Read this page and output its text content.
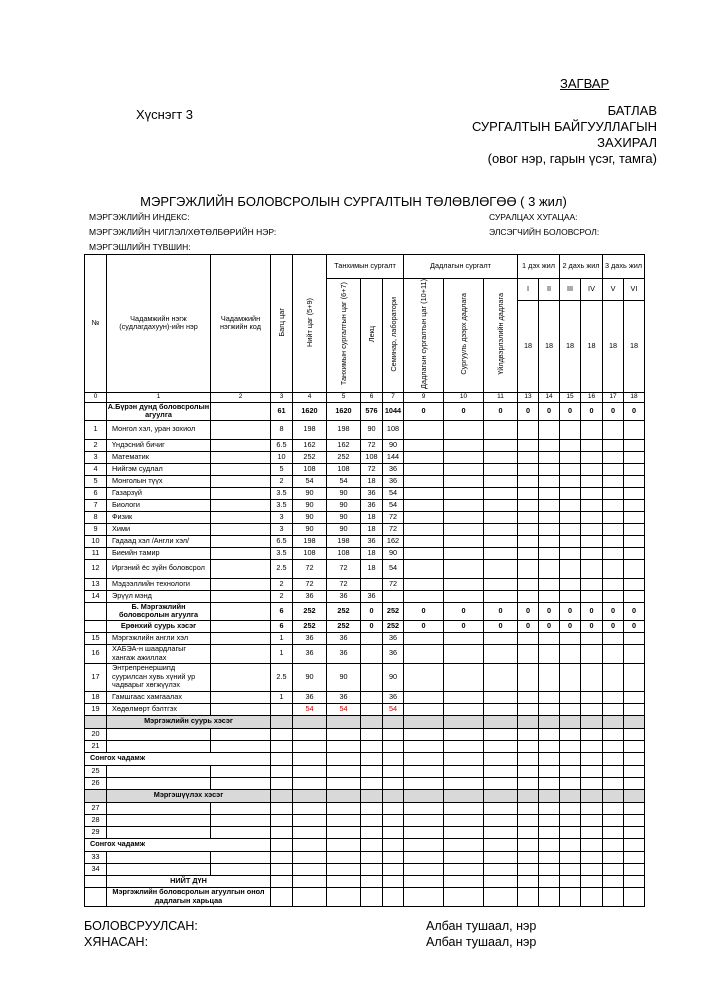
ЗАГВАР
Хүснэгт 3	БАТЛАВ
СУРГАЛТЫН БАЙГУУЛЛАГЫН
ЗАХИРАЛ
(овог нэр, гарын үсэг, тамга)
МЭРГЭЖЛИЙН БОЛОВСРОЛЫН СУРГАЛТЫН ТӨЛӨВЛӨГӨӨ ( 3 жил)
МЭРГЭЖЛИЙН ИНДЕКС:
МЭРГЭЖЛИЙН ЧИГЛЭЛ/ХӨТӨЛБӨРИЙН НЭР:
МЭРГЭШЛИЙН ТҮВШИН:
СУРАЛЦАХ ХУГАЦАА:
ЭЛСЭГЧИЙН БОЛОВСРОЛ:
№	Чадамжийн нэгж (судлагдахуун)-ийн нэр	Чадамжийн нэгжийн код	Багц цаг	Нийт цаг (5+9)	Танхимын сургалт			Дадлагын сургалт			1 дэх жил		2 дахь жил		3 дахь жил	
					Танхимын сургалтын цаг (6+7)	Лекц	Семинар, лаборатори	Дадлагын сургалтын цаг (10+11)	Сургууль дээрх дадлага	Үйлдвэрлэлийн дадлага	I	II	III	IV	V	VI
											18	18	18	18	18	18
0	1	2	3	4	5	6	7	9	10	11	13	14	15	16	17	18
	А.Бүрэн дунд боловсролын агуулга		61	1620	1620	576	1044	0	0	0	0	0	0	0	0	0
1	Монгол хэл, уран зохиол		8	198	198	90	108									
2	Үндэсний бичиг		6.5	162	162	72	90									
3	Математик		10	252	252	108	144									
4	Нийгэм судлал		5	108	108	72	36									
5	Монголын түүх		2	54	54	18	36									
6	Газарзүй		3.5	90	90	36	54									
7	Биологи		3.5	90	90	36	54									
8	Физик		3	90	90	18	72									
9	Хими		3	90	90	18	72									
10	Гадаад хэл /Англи хэл/		6.5	198	198	36	162									
11	Биеийн тамир		3.5	108	108	18	90									
12	Иргэний ёс зүйн боловсрол		2.5	72	72	18	54									
13	Мэдээллийн технологи		2	72	72		72									
14	Эрүүл мэнд		2	36	36	36										
	Б. Мэргэжлийн боловсролын агуулга		6	252	252	0	252	0	0	0	0	0	0	0	0	0
	Ерөнхий суурь хэсэг		6	252	252	0	252	0	0	0	0	0	0	0	0	0
15	Мэргэжлийн англи хэл		1	36	36		36									
16	ХАБЭА-н шаардлагыг хангаж ажиллах		1	36	36		36									
17	Энтрепренершипд суурилсан хувь хүний ур чадварыг хөгжүүлэх		2.5	90	90		90									
18	Гамшгаас хамгаалах		1	36	36		36									
19	Хөдөлмөрт бэлтгэх			54	54		54									
	Мэргэжлийн суурь хэсэг															
20																
21																
Сонгох чадамж																
25																
26																
	Мэргэшүүлэх хэсэг															
27																
28																
29																
Сонгох чадамж																
33																
34																
	НИЙТ ДҮН															
	Мэргэжлийн боловсролын агуулгын онол дадлагын харьцаа															
БОЛОВСРУУЛСАН:
ХЯНАСАН:
Албан тушаал, нэр
Албан тушаал, нэр
